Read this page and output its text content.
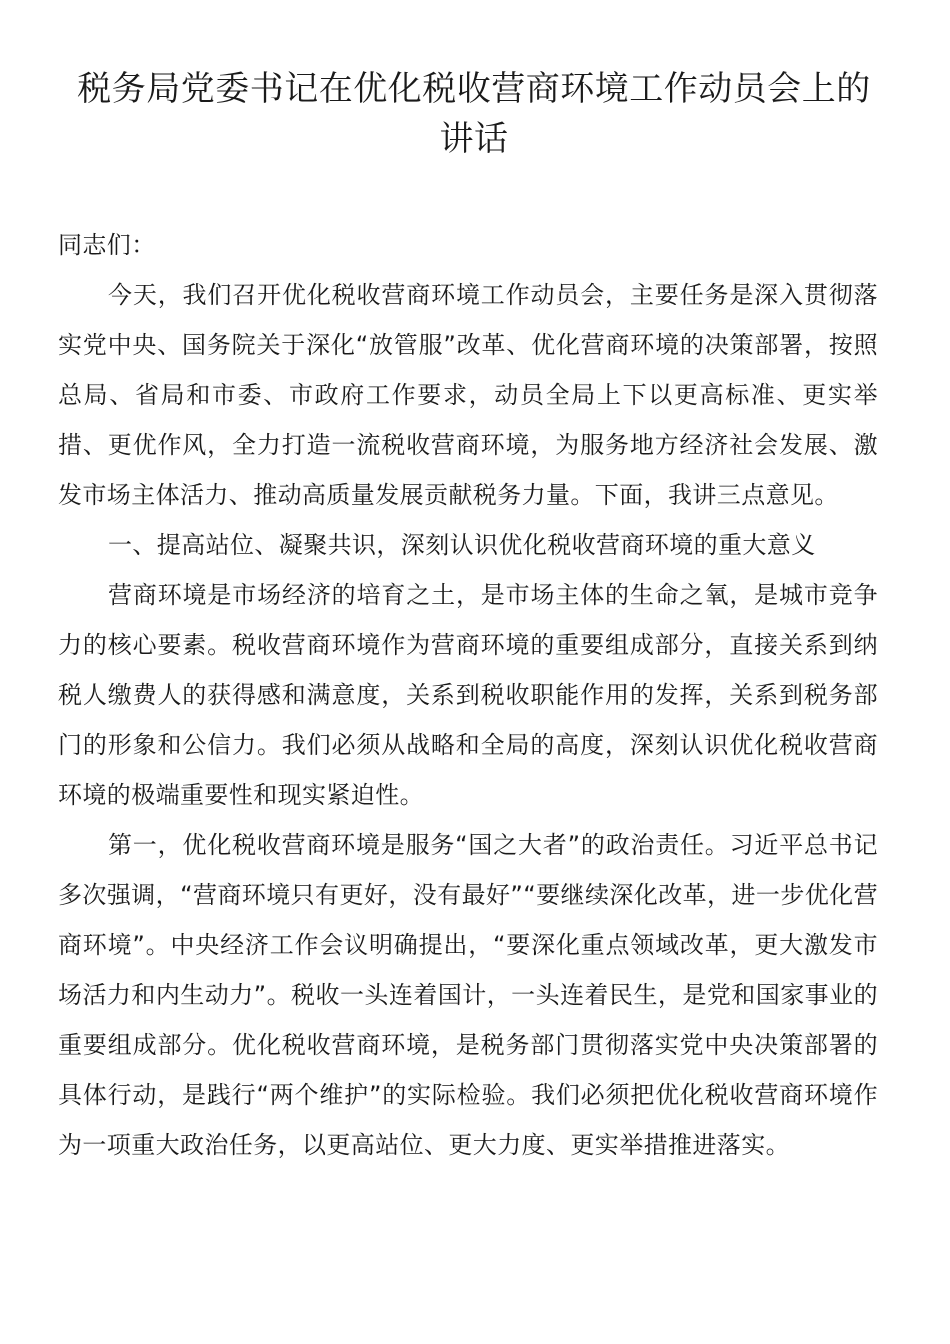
税务局党委书记在优化税收营商环境工作动员会上的讲话

同志们：

今天，我们召开优化税收营商环境工作动员会，主要任务是深入贯彻落实党中央、国务院关于深化“放管服”改革、优化营商环境的决策部署，按照总局、省局和市委、市政府工作要求，动员全局上下以更高标准、更实举措、更优作风，全力打造一流税收营商环境，为服务地方经济社会发展、激发市场主体活力、推动高质量发展贡献税务力量。下面，我讲三点意见。

一、提高站位、凝聚共识，深刻认识优化税收营商环境的重大意义

营商环境是市场经济的培育之土，是市场主体的生命之氧，是城市竞争力的核心要素。税收营商环境作为营商环境的重要组成部分，直接关系到纳税人缴费人的获得感和满意度，关系到税收职能作用的发挥，关系到税务部门的形象和公信力。我们必须从战略和全局的高度，深刻认识优化税收营商环境的极端重要性和现实紧迫性。

第一，优化税收营商环境是服务“国之大者”的政治责任。习近平总书记多次强调，“营商环境只有更好，没有最好”“要继续深化改革，进一步优化营商环境”。中央经济工作会议明确提出，“要深化重点领域改革，更大激发市场活力和内生动力”。税收一头连着国计，一头连着民生，是党和国家事业的重要组成部分。优化税收营商环境，是税务部门贯彻落实党中央决策部署的具体行动，是践行“两个维护”的实际检验。我们必须把优化税收营商环境作为一项重大政治任务，以更高站位、更大力度、更实举措推进落实。
